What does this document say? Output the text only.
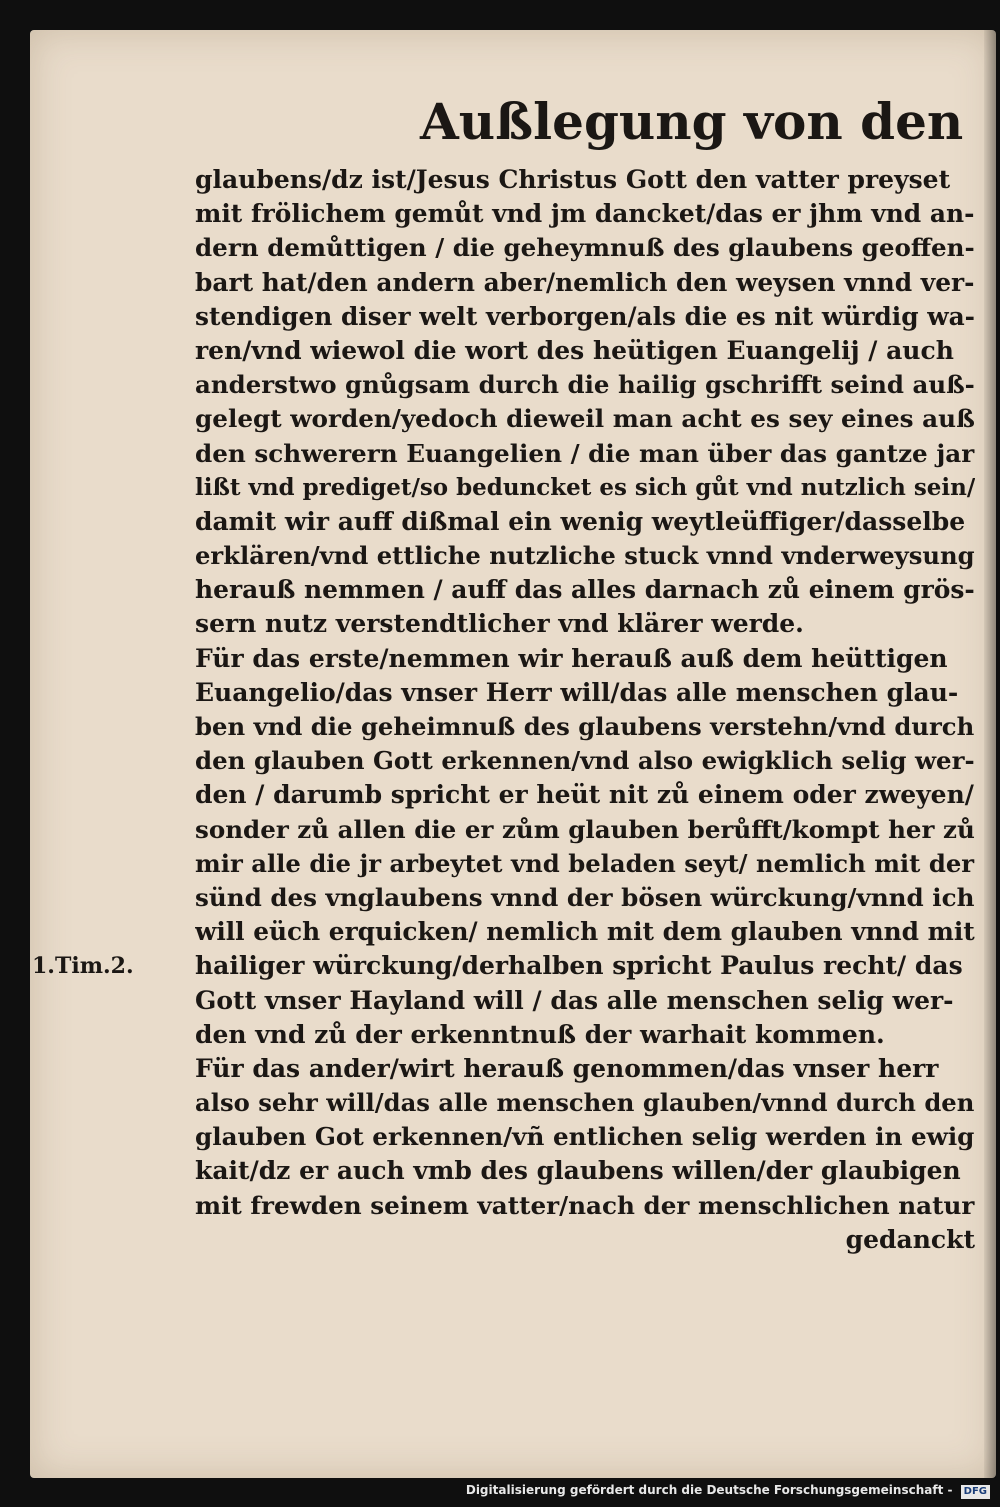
Außlegung von den
glaubens/dz ist/Jesus Christus Gott den vatter preyset
mit frölichem gemůt vnd jm dancket/das er jhm vnd an-
dern demůttigen / die geheymnuß des glaubens geoffen-
bart hat/den andern aber/nemlich den weysen vnnd ver-
stendigen diser welt verborgen/als die es nit würdig wa-
ren/vnd wiewol die wort des heütigen Euangelij / auch
anderstwo gnůgsam durch die hailig gschrifft seind auß-
gelegt worden/yedoch dieweil man acht es sey eines auß
den schwerern Euangelien / die man über das gantze jar
lißt vnd prediget/so beduncket es sich gůt vnd nutzlich sein/
damit wir auff dißmal ein wenig weytleüffiger/dasselbe
erklären/vnd ettliche nutzliche stuck vnnd vnderweysung
herauß nemmen / auff das alles darnach zů einem grös-
sern nutz verstendtlicher vnd klärer werde.
Für das erste/nemmen wir herauß auß dem heüttigen
Euangelio/das vnser Herr will/das alle menschen glau-
ben vnd die geheimnuß des glaubens verstehn/vnd durch
den glauben Gott erkennen/vnd also ewigklich selig wer-
den / darumb spricht er heüt nit zů einem oder zweyen/
sonder zů allen die er zům glauben berůfft/kompt her zů
mir alle die jr arbeytet vnd beladen seyt/ nemlich mit der
sünd des vnglaubens vnnd der bösen würckung/vnnd ich
will eüch erquicken/ nemlich mit dem glauben vnnd mit
hailiger würckung/derhalben spricht Paulus recht/ das
Gott vnser Hayland will / das alle menschen selig wer-
den vnd zů der erkenntnuß der warhait kommen.
Für das ander/wirt herauß genommen/das vnser herr
also sehr will/das alle menschen glauben/vnnd durch den
glauben Got erkennen/vñ entlichen selig werden in ewig
kait/dz er auch vmb des glaubens willen/der glaubigen
mit frewden seinem vatter/nach der menschlichen natur
gedanckt
1.Tim.2.
Digitalisierung gefördert durch die Deutsche Forschungsgemeinschaft - DFG
